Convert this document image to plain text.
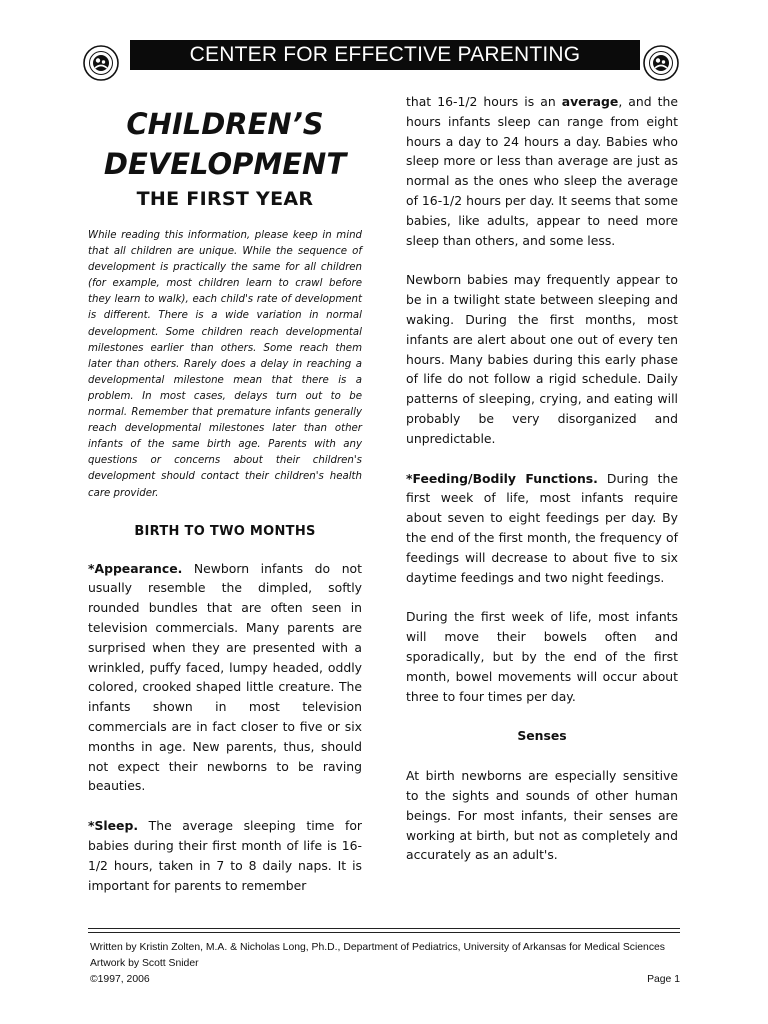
CENTER FOR EFFECTIVE PARENTING
CHILDREN’S
DEVELOPMENT
THE FIRST YEAR

While reading this information, please keep in mind that all children are unique. While the sequence of development is practically the same for all children (for example, most children learn to crawl before they learn to walk), each child's rate of development is different. There is a wide variation in normal development. Some children reach developmental milestones earlier than others. Some reach them later than others. Rarely does a delay in reaching a developmental milestone mean that there is a problem. In most cases, delays turn out to be normal. Remember that premature infants generally reach developmental milestones later than other infants of the same birth age. Parents with any questions or concerns about their children's development should contact their children's health care provider.

BIRTH TO TWO MONTHS

*Appearance. Newborn infants do not usually resemble the dimpled, softly rounded bundles that are often seen in television commercials. Many parents are surprised when they are presented with a wrinkled, puffy faced, lumpy headed, oddly colored, crooked shaped little creature. The infants shown in most television commercials are in fact closer to five or six months in age. New parents, thus, should not expect their newborns to be raving beauties.

*Sleep. The average sleeping time for babies during their first month of life is 16-1/2 hours, taken in 7 to 8 daily naps. It is important for parents to remember

that 16-1/2 hours is an average, and the hours infants sleep can range from eight hours a day to 24 hours a day. Babies who sleep more or less than average are just as normal as the ones who sleep the average of 16-1/2 hours per day. It seems that some babies, like adults, appear to need more sleep than others, and some less.

Newborn babies may frequently appear to be in a twilight state between sleeping and waking. During the first months, most infants are alert about one out of every ten hours. Many babies during this early phase of life do not follow a rigid schedule. Daily patterns of sleeping, crying, and eating will probably be very disorganized and unpredictable.

*Feeding/Bodily Functions. During the first week of life, most infants require about seven to eight feedings per day. By the end of the first month, the frequency of feedings will decrease to about five to six daytime feedings and two night feedings.

During the first week of life, most infants will move their bowels often and sporadically, but by the end of the first month, bowel movements will occur about three to four times per day.

Senses

At birth newborns are especially sensitive to the sights and sounds of other human beings. For most infants, their senses are working at birth, but not as completely and accurately as an adult's.

Written by Kristin Zolten, M.A. & Nicholas Long, Ph.D., Department of Pediatrics, University of Arkansas for Medical Sciences
Artwork by Scott Snider
©1997, 2006	Page 1
